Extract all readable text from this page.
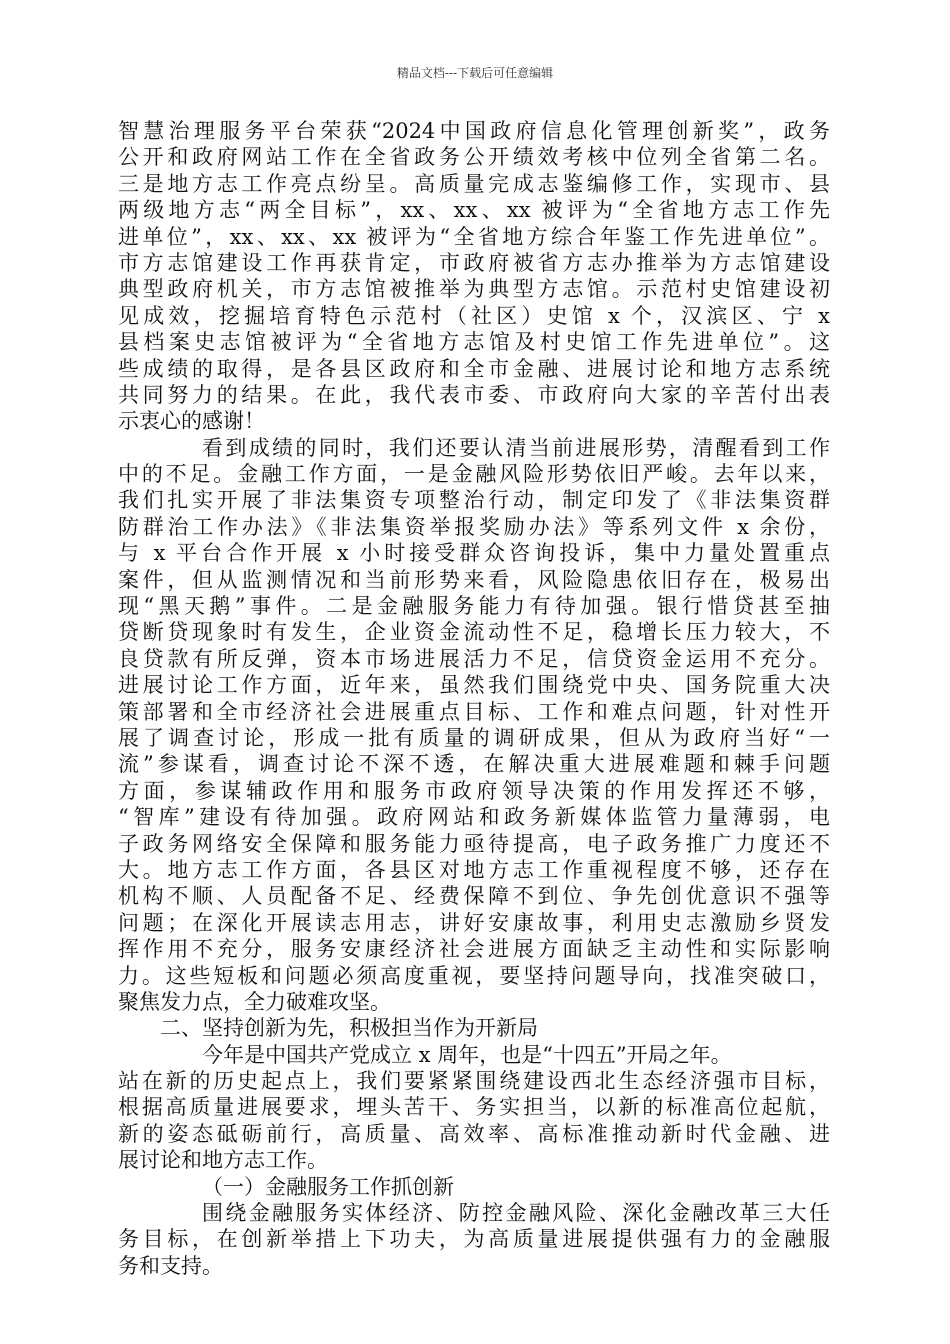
精品文档---下载后可任意编辑
智慧治理服务平台荣获“2024中国政府信息化管理创新奖”，政务
公开和政府网站工作在全省政务公开绩效考核中位列全省第二名。
三是地方志工作亮点纷呈。高质量完成志鉴编修工作，实现市、县
两级地方志“两全目标”，xx、xx、xx 被评为“全省地方志工作先
进单位”，xx、xx、xx 被评为“全省地方综合年鉴工作先进单位”。
市方志馆建设工作再获肯定，市政府被省方志办推举为方志馆建设
典型政府机关，市方志馆被推举为典型方志馆。示范村史馆建设初
见成效，挖掘培育特色示范村（社区）史馆 x 个，汉滨区、宁 x
县档案史志馆被评为“全省地方志馆及村史馆工作先进单位”。这
些成绩的取得，是各县区政府和全市金融、进展讨论和地方志系统
共同努力的结果。在此，我代表市委、市政府向大家的辛苦付出表
示衷心的感谢！
看到成绩的同时，我们还要认清当前进展形势，清醒看到工作
中的不足。金融工作方面，一是金融风险形势依旧严峻。去年以来，
我们扎实开展了非法集资专项整治行动，制定印发了《非法集资群
防群治工作办法》《非法集资举报奖励办法》等系列文件 x 余份，
与 x 平台合作开展 x 小时接受群众咨询投诉，集中力量处置重点
案件，但从监测情况和当前形势来看，风险隐患依旧存在，极易出
现“黑天鹅”事件。二是金融服务能力有待加强。银行惜贷甚至抽
贷断贷现象时有发生，企业资金流动性不足，稳增长压力较大，不
良贷款有所反弹，资本市场进展活力不足，信贷资金运用不充分。
进展讨论工作方面，近年来，虽然我们围绕党中央、国务院重大决
策部署和全市经济社会进展重点目标、工作和难点问题，针对性开
展了调查讨论，形成一批有质量的调研成果，但从为政府当好“一
流”参谋看，调查讨论不深不透，在解决重大进展难题和棘手问题
方面，参谋辅政作用和服务市政府领导决策的作用发挥还不够，
“智库”建设有待加强。政府网站和政务新媒体监管力量薄弱，电
子政务网络安全保障和服务能力亟待提高，电子政务推广力度还不
大。地方志工作方面，各县区对地方志工作重视程度不够，还存在
机构不顺、人员配备不足、经费保障不到位、争先创优意识不强等
问题；在深化开展读志用志，讲好安康故事，利用史志激励乡贤发
挥作用不充分，服务安康经济社会进展方面缺乏主动性和实际影响
力。这些短板和问题必须高度重视，要坚持问题导向，找准突破口，
聚焦发力点，全力破难攻坚。
二、坚持创新为先，积极担当作为开新局
今年是中国共产党成立 x 周年，也是“十四五”开局之年。
站在新的历史起点上，我们要紧紧围绕建设西北生态经济强市目标，
根据高质量进展要求，埋头苦干、务实担当，以新的标准高位起航，
新的姿态砥砺前行，高质量、高效率、高标准推动新时代金融、进
展讨论和地方志工作。
（一）金融服务工作抓创新
围绕金融服务实体经济、防控金融风险、深化金融改革三大任
务目标，在创新举措上下功夫，为高质量进展提供强有力的金融服
务和支持。
